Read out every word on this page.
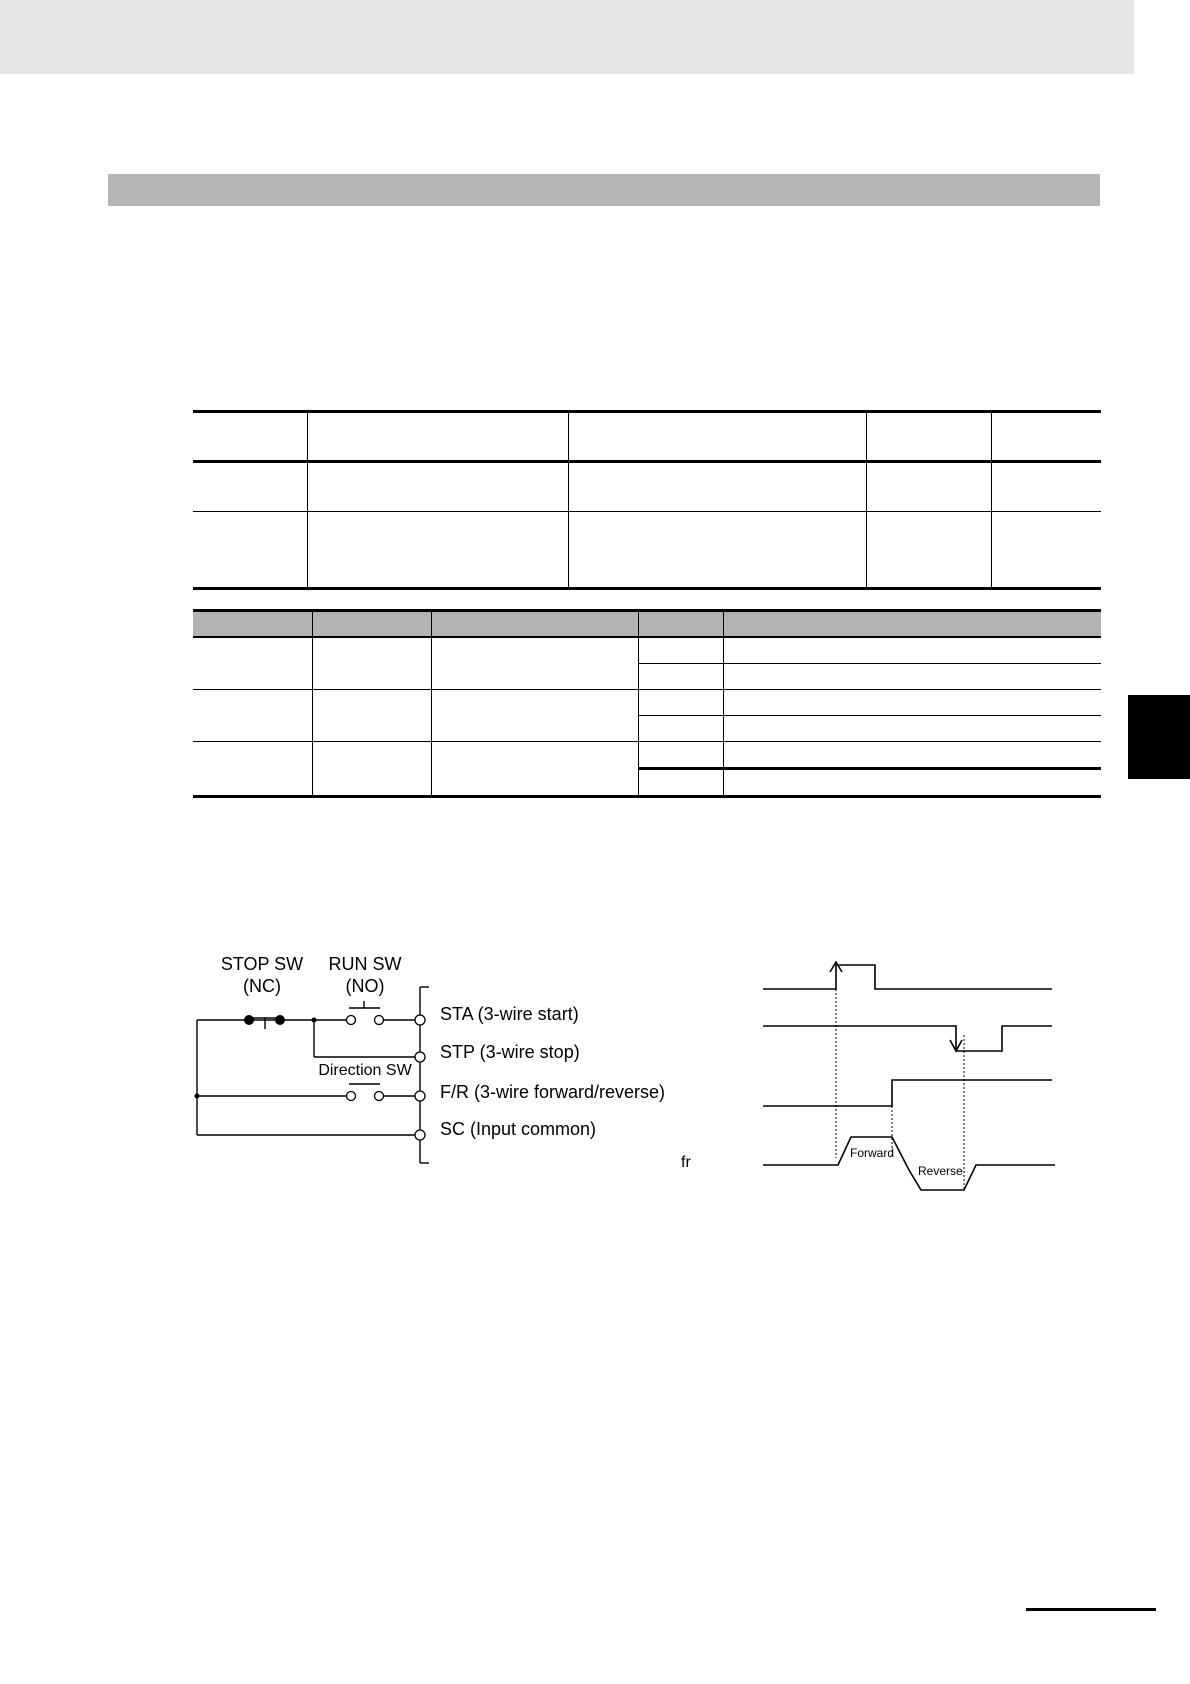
STOP SW
(NC)
RUN SW
(NO)
Direction SW
STA (3-wire start)
STP (3-wire stop)
F/R (3-wire forward/reverse)
SC (Input common)
fr
Forward
Reverse
